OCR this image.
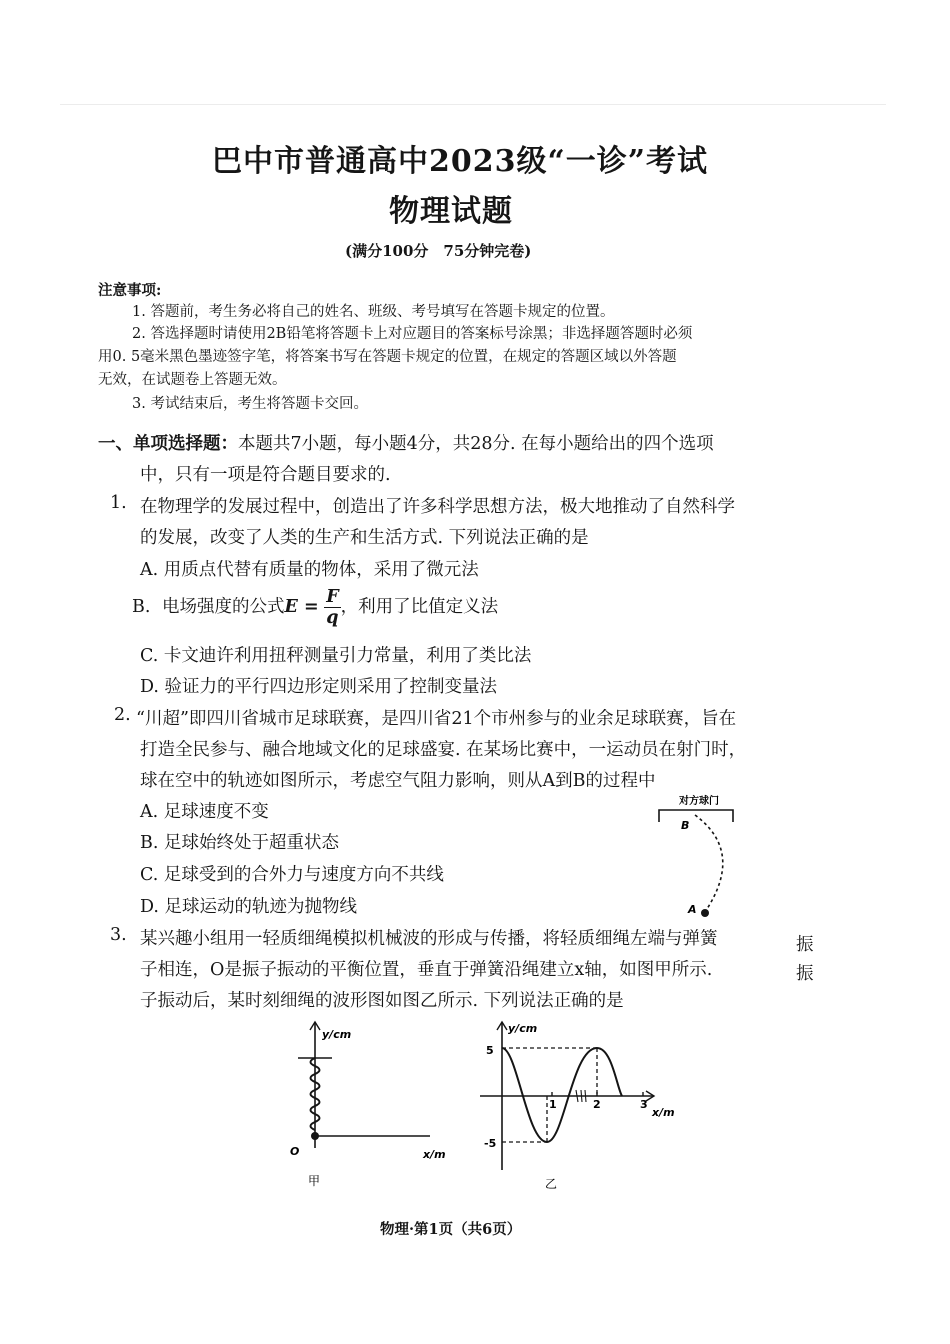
巴中市普通高中2023级“一诊”考试
物理试题
(满分100分　75分钟完卷)
注意事项:
1. 答题前，考生务必将自己的姓名、班级、考号填写在答题卡规定的位置。
2. 答选择题时请使用2B铅笔将答题卡上对应题目的答案标号涂黑；非选择题答题时必须
用0. 5毫米黑色墨迹签字笔，将答案书写在答题卡规定的位置，在规定的答题区域以外答题
无效，在试题卷上答题无效。
3. 考试结束后，考生将答题卡交回。
一、单项选择题：本题共7小题，每小题4分，共28分. 在每小题给出的四个选项
中，只有一项是符合题目要求的.
1. 在物理学的发展过程中，创造出了许多科学思想方法，极大地推动了自然科学
的发展，改变了人类的生产和生活方式. 下列说法正确的是
A. 用质点代替有质量的物体，采用了微元法
B. 电场强度的公式$E = \frac{F}{q}$ ，利用了比值定义法
C. 卡文迪许利用扭秤测量引力常量，利用了类比法
D. 验证力的平行四边形定则采用了控制变量法
2. “川超”即四川省城市足球联赛，是四川省21个市州参与的业余足球联赛，旨在
打造全民参与、融合地域文化的足球盛宴. 在某场比赛中，一运动员在射门时，
球在空中的轨迹如图所示，考虑空气阻力影响，则从A到B的过程中
A. 足球速度不变
B. 足球始终处于超重状态
C. 足球受到的合外力与速度方向不共线
D. 足球运动的轨迹为抛物线
对方球门
B
A
3. 某兴趣小组用一轻质细绳模拟机械波的形成与传播，将轻质细绳左端与弹簧	振
子相连，O是振子振动的平衡位置，垂直于弹簧沿绳建立x轴，如图甲所示.	振
子振动后，某时刻细绳的波形图如图乙所示. 下列说法正确的是
y/cm
O	x/m
甲
y/cm
x/m
5
-5
1	2	3
乙
物理·第1页（共6页）
